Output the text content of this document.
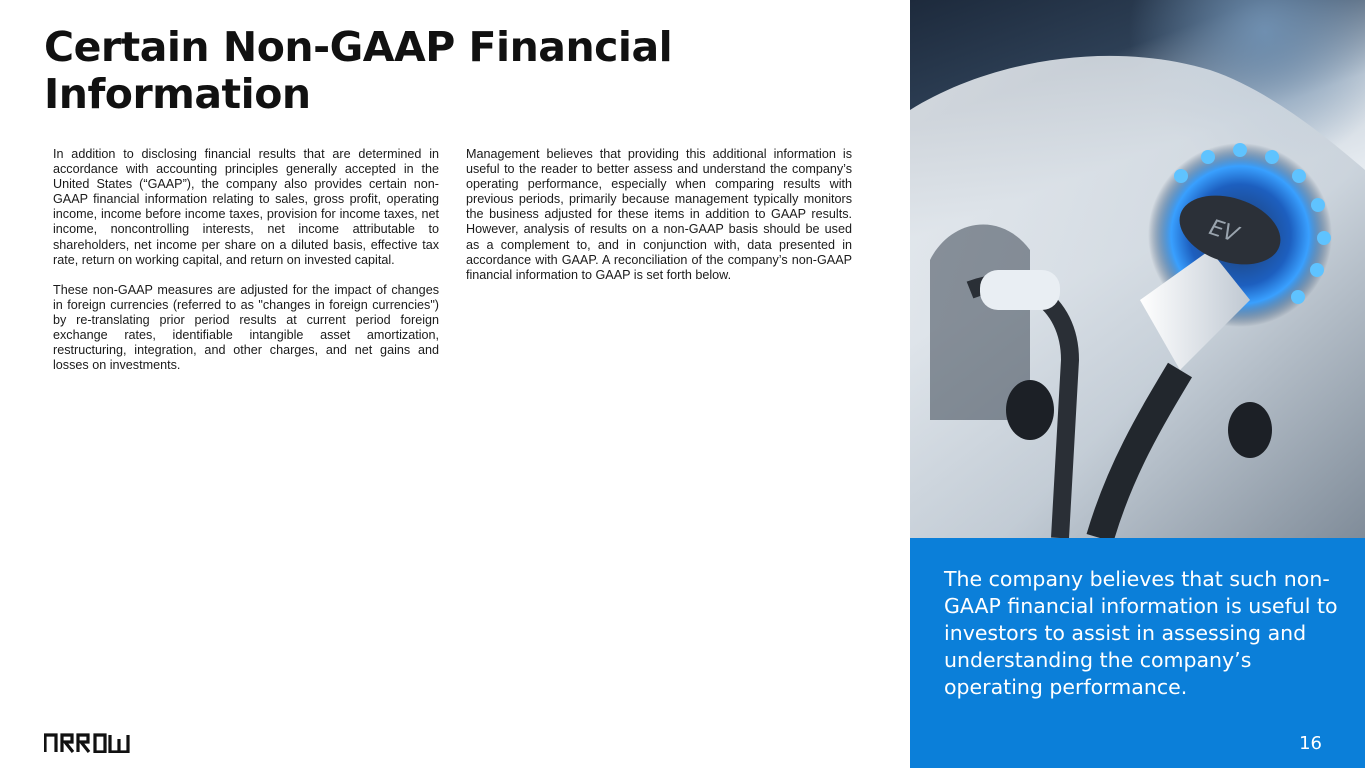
Certain Non-GAAP Financial Information

In addition to disclosing financial results that are determined in accordance with accounting principles generally accepted in the United States (“GAAP”), the company also provides certain non-GAAP financial information relating to sales, gross profit, operating income, income before income taxes, provision for income taxes, net income, noncontrolling interests, net income attributable to shareholders, net income per share on a diluted basis, effective tax rate, return on working capital, and return on invested capital.

These non-GAAP measures are adjusted for the impact of changes in foreign currencies (referred to as "changes in foreign currencies") by re-translating prior period results at current period foreign exchange rates, identifiable intangible asset amortization, restructuring, integration, and other charges, and net gains and losses on investments.

Management believes that providing this additional information is useful to the reader to better assess and understand the company’s operating performance, especially when comparing results with previous periods, primarily because management typically monitors the business adjusted for these items in addition to GAAP results. However, analysis of results on a non-GAAP basis should be used as a complement to, and in conjunction with, data presented in accordance with GAAP. A reconciliation of the company’s non-GAAP financial information to GAAP is set forth below.

EV

The company believes that such non-GAAP financial information is useful to investors to assist in assessing and understanding the company’s operating performance.

16
